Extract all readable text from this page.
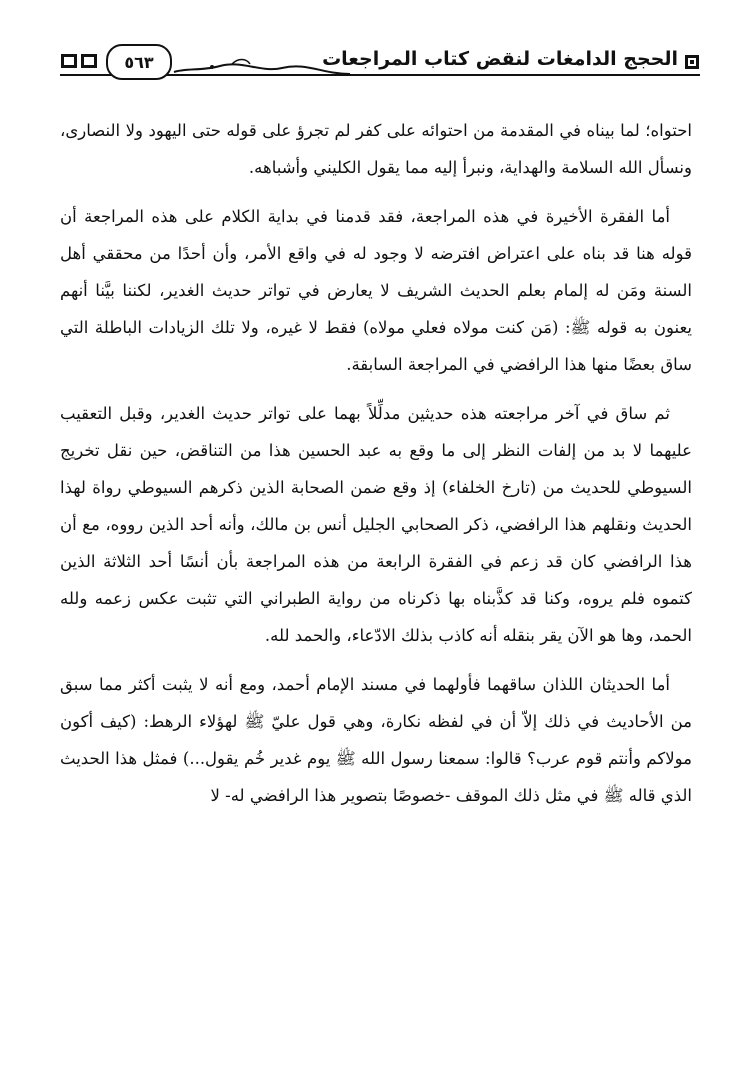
الحجج الدامغات لنقض كتاب المراجعات
٥٦٣

احتواه؛ لما بيناه في المقدمة من احتوائه على كفر لم تجرؤ على قوله حتى اليهود ولا النصارى، ونسأل الله السلامة والهداية، ونبرأ إليه مما يقول الكليني وأشباهه.

أما الفقرة الأخيرة في هذه المراجعة، فقد قدمنا في بداية الكلام على هذه المراجعة أن قوله هنا قد بناه على اعتراض افترضه لا وجود له في واقع الأمر، وأن أحدًا من محققي أهل السنة ومَن له إلمام بعلم الحديث الشريف لا يعارض في تواتر حديث الغدير، لكننا بيَّنا أنهم يعنون به قوله ﷺ: (مَن كنت مولاه فعلي مولاه) فقط لا غيره، ولا تلك الزيادات الباطلة التي ساق بعضًا منها هذا الرافضي في المراجعة السابقة.

ثم ساق في آخر مراجعته هذه حديثين مدلِّلاً بهما على تواتر حديث الغدير، وقبل التعقيب عليهما لا بد من إلفات النظر إلى ما وقع به عبد الحسين هذا من التناقض، حين نقل تخريج السيوطي للحديث من (تارخ الخلفاء) إذ وقع ضمن الصحابة الذين ذكرهم السيوطي رواة لهذا الحديث ونقلهم هذا الرافضي، ذكر الصحابي الجليل أنس بن مالك، وأنه أحد الذين رووه، مع أن هذا الرافضي كان قد زعم في الفقرة الرابعة من هذه المراجعة بأن أنسًا أحد الثلاثة الذين كتموه فلم يروه، وكنا قد كذَّبناه بها ذكرناه من رواية الطبراني التي تثبت عكس زعمه ولله الحمد، وها هو الآن يقر بنقله أنه كاذب بذلك الادّعاء، والحمد لله.

أما الحديثان اللذان ساقهما فأولهما في مسند الإمام أحمد، ومع أنه لا يثبت أكثر مما سبق من الأحاديث في ذلك إلاّ أن في لفظه نكارة، وهي قول عليّ ﷺ لهؤلاء الرهط: (كيف أكون مولاكم وأنتم قوم عرب؟ قالوا: سمعنا رسول الله ﷺ يوم غدير خُم يقول...) فمثل هذا الحديث الذي قاله ﷺ في مثل ذلك الموقف -خصوصًا بتصوير هذا الرافضي له- لا
